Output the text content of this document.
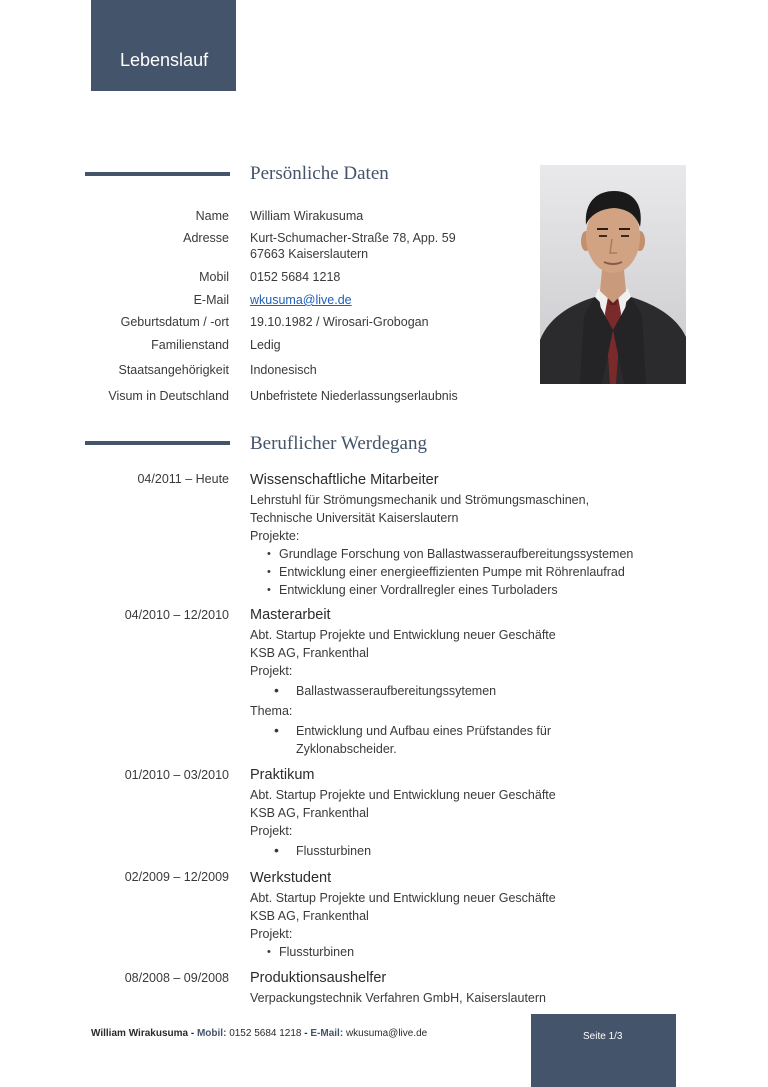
Lebenslauf
Persönliche Daten
Name William Wirakusuma
Adresse Kurt-Schumacher-Straße 78, App. 59
67663 Kaiserslautern
Mobil 0152 5684 1218
E-Mail wkusuma@live.de
Geburtsdatum / -ort 19.10.1982 / Wirosari-Grobogan
Familienstand Ledig
Staatsangehörigkeit Indonesisch
Visum in Deutschland Unbefristete Niederlassungserlaubnis
Beruflicher Werdegang
04/2011 – Heute Wissenschaftliche Mitarbeiter
Lehrstuhl für Strömungsmechanik und Strömungsmaschinen,
Technische Universität Kaiserslautern
Projekte:
• Grundlage Forschung von Ballastwasseraufbereitungssystemen
• Entwicklung einer energieeffizienten Pumpe mit Röhrenlaufrad
• Entwicklung einer Vordrallregler eines Turboladers
04/2010 – 12/2010 Masterarbeit
Abt. Startup Projekte und Entwicklung neuer Geschäfte
KSB AG, Frankenthal
Projekt:
• Ballastwasseraufbereitungssytemen
Thema:
• Entwicklung und Aufbau eines Prüfstandes für
Zyklonabscheider.
01/2010 – 03/2010 Praktikum
Abt. Startup Projekte und Entwicklung neuer Geschäfte
KSB AG, Frankenthal
Projekt:
• Flussturbinen
02/2009 – 12/2009 Werkstudent
Abt. Startup Projekte und Entwicklung neuer Geschäfte
KSB AG, Frankenthal
Projekt:
• Flussturbinen
08/2008 – 09/2008 Produktionsaushelfer
Verpackungstechnik Verfahren GmbH, Kaiserslautern
William Wirakusuma - Mobil: 0152 5684 1218 - E-Mail: wkusuma@live.de	Seite 1/3
